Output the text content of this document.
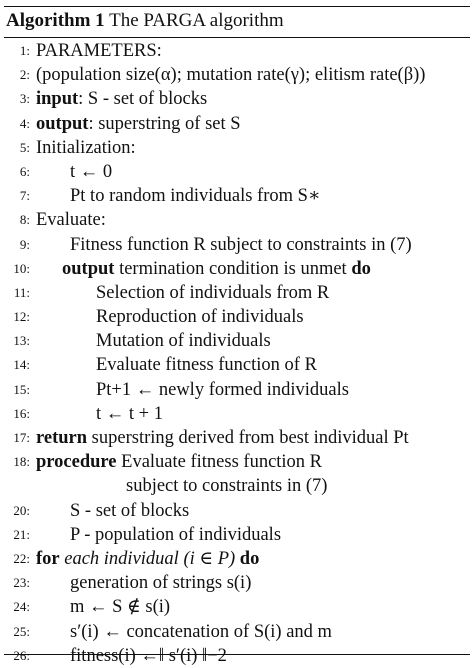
Algorithm 1 The PARGA algorithm
1: PARAMETERS:
2: (population size(α); mutation rate(γ); elitism rate(β))
3: input: S - set of blocks
4: output: superstring of set S
5: Initialization:
6: t ← 0
7: Pt to random individuals from S∗
8: Evaluate:
9: Fitness function R subject to constraints in (7)
10: output termination condition is unmet do
11:	Selection of individuals from R
12:	Reproduction of individuals
13:	Mutation of individuals
14:	Evaluate fitness function of R
15:	Pt+1 ← newly formed individuals
16:	t ← t + 1
17: return superstring derived from best individual Pt
18: procedure Evaluate fitness function R
subject to constraints in (7)
20: S - set of blocks
21: P - population of individuals
22: for each individual (i ∈ P) do
23: generation of strings s(i)
24: m ← S ∉ s(i)
25: s′(i) ← concatenation of S(i) and m
26: fitness(i) ←‖ s′(i) ‖−2
